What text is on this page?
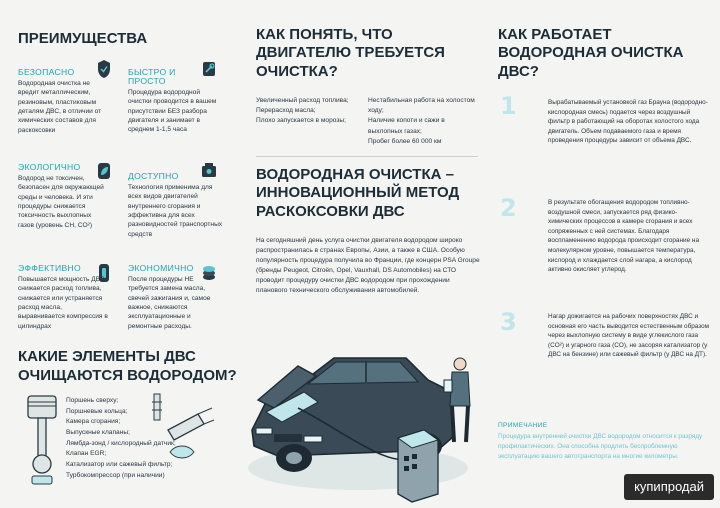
ПРЕИМУЩЕСТВА
БЕЗОПАСНО
Водородная очистка не вредит металлическим, резиновым, пластиковым деталям ДВС, в отличии от химических составов для раскоксовки
БЫСТРО И ПРОСТО
Процедура водородной очистки проводится в вашем присутствии БЕЗ разбора двигателя и занимает в среднем 1-1,5 часа
ЭКОЛОГИЧНО
Водород не токсичен, безопасен для окружающей среды и человека. И эти процедуры снижается токсичность выхлопных газов (уровень CH, CO²)
ДОСТУПНО
Технология применима для всех видов двигателей внутреннего сгорания и эффективна для всех разновидностей транспортных средств
ЭФФЕКТИВНО
Повышается мощность ДВС, снижается расход топлива, снижается или устраняется расход масла, выравнивается компрессия в цилиндрах
ЭКОНОМИЧНО
После процедуры НЕ требуется замена масла, свечей зажигания и, самое важное, снижаются эксплуатационные и ремонтные расходы.
КАКИЕ ЭЛЕМЕНТЫ ДВС ОЧИЩАЮТСЯ ВОДОРОДОМ?
Поршень сверху;
Поршневые кольца;
Камера сгорания;
Выпускные клапаны;
Лямбда-зонд / кислородный датчик;
Клапан EGR;
Катализатор или сажевый фильтр;
Турбокомпрессор (при наличии)
КАК ПОНЯТЬ, ЧТО ДВИГАТЕЛЮ ТРЕБУЕТСЯ ОЧИСТКА?
Увеличенный расход топлива;
Перерасход масла;
Плохо запускается в морозы;
Нестабильная работа на холостом ходу;
Наличие копоти и сажи в выхлопных газах;
Пробег более 60 000 км
ВОДОРОДНАЯ ОЧИСТКА – ИННОВАЦИОННЫЙ МЕТОД РАСКОКСОВКИ ДВС
На сегодняшний день услуга очистки двигателя водородом широко распространилась в странах Европы, Азии, а также в США. Особую популярность процедура получила во Франции, где концерн PSA Groupe (бренды Peugeot, Citroën, Opel, Vauxhall, DS Automobiles) на СТО проводит процедуру очистки ДВС водородом при прохождении планового технического обслуживания автомобилей.
КАК РАБОТАЕТ ВОДОРОДНАЯ ОЧИСТКА ДВС?
1	Вырабатываемый установкой газ Брауна (водородно-кислородная смесь) подается через воздушный фильтр в работающий на оборотах холостого хода двигатель. Объем подаваемого газа и время проведения процедуры зависит от объема ДВС.
2	В результате обогащения водородом топливно-воздушной смеси, запускается ряд физико-химических процессов в камере сгорания и всех сопряженных с ней системах. Благодаря воспламенению водорода происходит сгорание на молекулярном уровне, повышается температура, кислород и хлаждается слой нагара, а кислород активно окисляет углерод.
3	Нагар дожигается на рабочих поверхностях ДВС и основная его часть выводится естественным образом через выхлопную систему в виде углекислого газа (CO²) и угарного газа (CO), не засоряя катализатор (у ДВС на бензине) или сажевый фильтр (у ДВС на ДТ).
ПРИМЕЧАНИЕ
Процедура внутренней очистки ДВС водородом относится к разряду профилактических. Она способна продлить беспроблемную эксплуатацию вашего автотранспорта на многие километры.
купипродай
